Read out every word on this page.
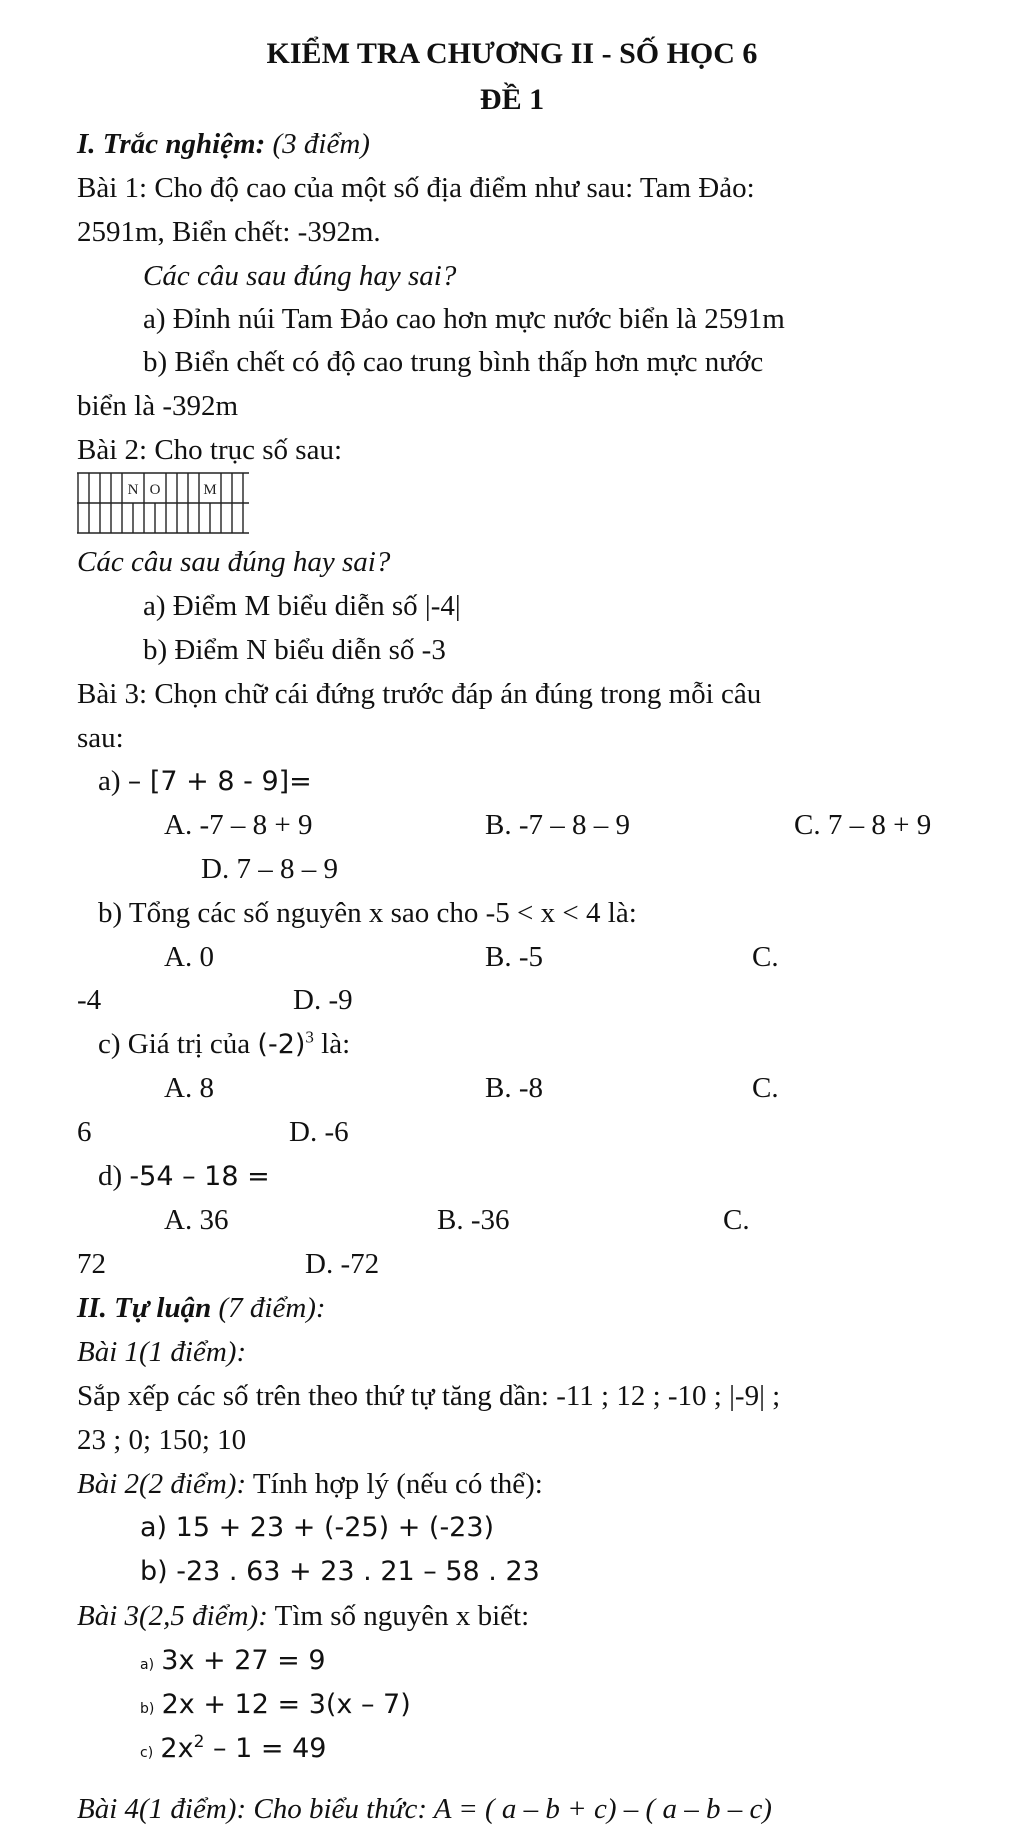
KIỂM TRA CHƯƠNG II - SỐ HỌC 6
ĐỀ 1
I. Trắc nghiệm: (3 điểm)
Bài 1: Cho độ cao của một số địa điểm như sau: Tam Đảo:
2591m, Biển chết: -392m.
Các câu sau đúng hay sai?
a) Đỉnh núi Tam Đảo cao hơn mực nước biển là 2591m
b) Biển chết có độ cao trung bình thấp hơn mực nước
biển là -392m
Bài 2: Cho trục số sau:
N O	M
Các câu sau đúng hay sai?
a) Điểm M biểu diễn số |-4|
b) Điểm N biểu diễn số -3
Bài 3: Chọn chữ cái đứng trước đáp án đúng trong mỗi câu
sau:
a) – [7 + 8 - 9]=
A. -7 – 8 + 9	B. -7 – 8 – 9	C. 7 – 8 + 9
D. 7 – 8 – 9
b) Tổng các số nguyên x sao cho -5 < x < 4 là:
A. 0	B. -5	C.
-4	D. -9
c) Giá trị của $(-2)^3$ là:
A. 8	B. -8	C.
6	D. -6
d) -54 – 18 =
A. 36	B. -36	C.
72	D. -72
II. Tự luận (7 điểm):
Bài 1(1 điểm):
Sắp xếp các số trên theo thứ tự tăng dần: -11 ; 12 ; -10 ; |-9| ;
23 ; 0; 150; 10
Bài 2(2 điểm): Tính hợp lý (nếu có thể):
a) 15 + 23 + (-25) + (-23)
b) -23 . 63 + 23 . 21 – 58 . 23
Bài 3(2,5 điểm): Tìm số nguyên x biết:
a) 3x + 27 = 9
b) 2x + 12 = 3(x – 7)
c) $2x^2 - 1 = 49$
Bài 4(1 điểm): Cho biểu thức: A = ( a – b + c) – ( a – b – c)
